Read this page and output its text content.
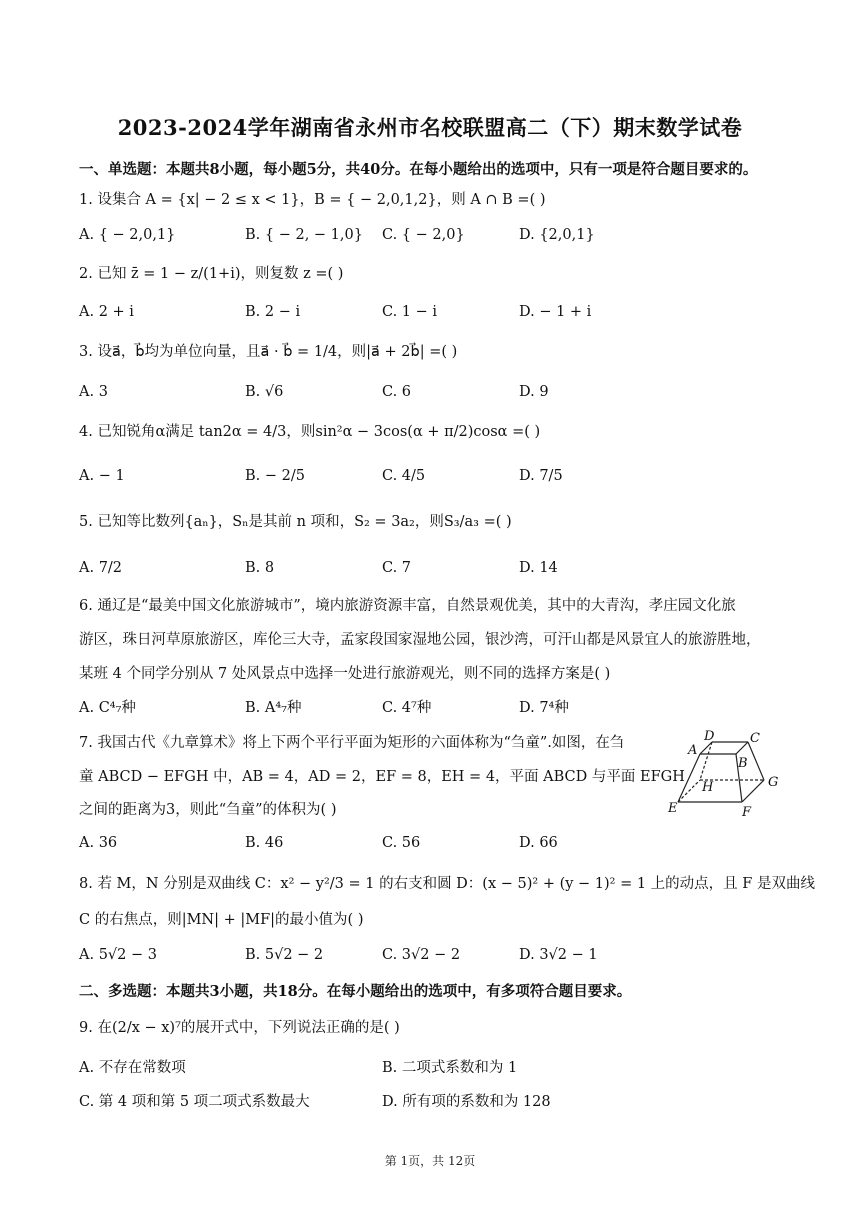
2023-2024学年湖南省永州市名校联盟高二（下）期末数学试卷
一、单选题：本题共8小题，每小题5分，共40分。在每小题给出的选项中，只有一项是符合题目要求的。
1. 设集合 A = {x| − 2 ≤ x < 1}，B = { − 2,0,1,2}，则 A ∩ B =( )
A. { − 2,0,1}	B. { − 2, − 1,0} C. { − 2,0}	D. {2,0,1}
2. 已知 z̄ = 1 − z/(1+i)，则复数 z =( )
A. 2 + i	B. 2 − i	C. 1 − i	D. − 1 + i
3. 设a⃗，b⃗均为单位向量，且a⃗ · b⃗ = 1/4，则|a⃗ + 2b⃗| =( )
A. 3	B. √6	C. 6	D. 9
4. 已知锐角α满足 tan2α = 4/3，则sin²α − 3cos(α + π/2)cosα =( )
A. − 1	B. − 2/5	C. 4/5	D. 7/5
5. 已知等比数列{aₙ}，Sₙ是其前 n 项和，S₂ = 3a₂，则S₃/a₃ =( )
A. 7/2	B. 8	C. 7	D. 14
6. 通辽是“最美中国文化旅游城市”，境内旅游资源丰富，自然景观优美，其中的大青沟，孝庄园文化旅
游区，珠日河草原旅游区，库伦三大寺，孟家段国家湿地公园，银沙湾，可汗山都是风景宜人的旅游胜地，
某班 4 个同学分别从 7 处风景点中选择一处进行旅游观光，则不同的选择方案是( )
A. C⁴₇种	B. A⁴₇种	C. 4⁷种	D. 7⁴种
7. 我国古代《九章算术》将上下两个平行平面为矩形的六面体称为“刍童”.如图，在刍
童 ABCD − EFGH 中，AB = 4，AD = 2，EF = 8，EH = 4，平面 ABCD 与平面 EFGH
之间的距离为3，则此“刍童”的体积为( )
A. 36	B. 46	C. 56	D. 66
A
D	C
B
H	G
E	F
8. 若 M，N 分别是双曲线 C：x² − y²/3 = 1 的右支和圆 D：(x − 5)² + (y − 1)² = 1 上的动点，且 F 是双曲线
C 的右焦点，则|MN| + |MF|的最小值为( )
A. 5√2 − 3	B. 5√2 − 2	C. 3√2 − 2	D. 3√2 − 1
二、多选题：本题共3小题，共18分。在每小题给出的选项中，有多项符合题目要求。
9. 在(2/x − x)⁷的展开式中，下列说法正确的是( )
A. 不存在常数项	B. 二项式系数和为 1
C. 第 4 项和第 5 项二项式系数最大	D. 所有项的系数和为 128
第 1页，共 12页
